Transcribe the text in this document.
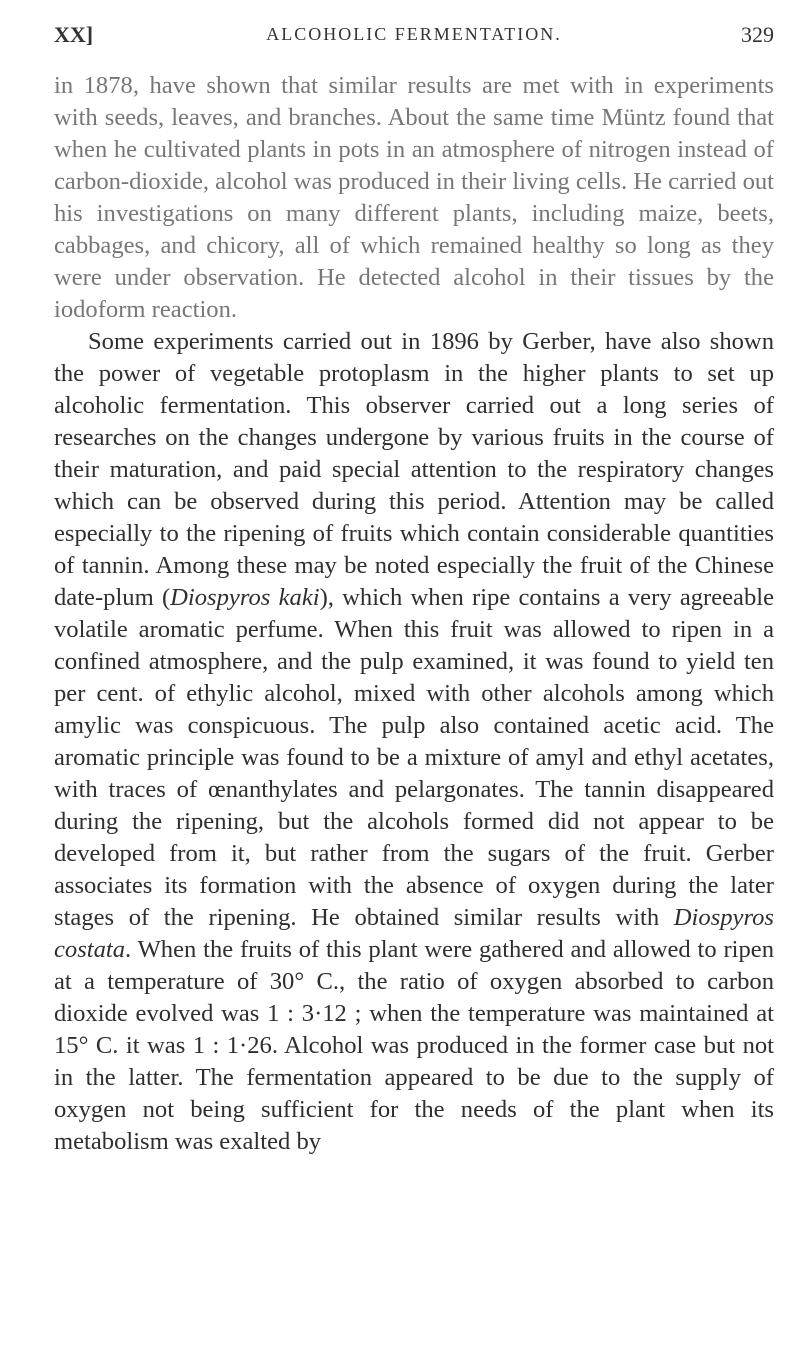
XX]	ALCOHOLIC FERMENTATION.	329

in 1878, have shown that similar results are met with in experiments with seeds, leaves, and branches. About the same time Müntz found that when he cultivated plants in pots in an atmosphere of nitrogen instead of carbon-dioxide, alcohol was produced in their living cells. He carried out his investigations on many different plants, including maize, beets, cabbages, and chicory, all of which remained healthy so long as they were under observation. He detected alcohol in their tissues by the iodoform reaction.

Some experiments carried out in 1896 by Gerber, have also shown the power of vegetable protoplasm in the higher plants to set up alcoholic fermentation. This observer carried out a long series of researches on the changes undergone by various fruits in the course of their maturation, and paid special attention to the respiratory changes which can be observed during this period. Attention may be called especially to the ripening of fruits which contain considerable quantities of tannin. Among these may be noted especially the fruit of the Chinese date-plum (Diospyros kaki), which when ripe contains a very agreeable volatile aromatic perfume. When this fruit was allowed to ripen in a confined atmosphere, and the pulp examined, it was found to yield ten per cent. of ethylic alcohol, mixed with other alcohols among which amylic was conspicuous. The pulp also contained acetic acid. The aromatic principle was found to be a mixture of amyl and ethyl acetates, with traces of œnanthylates and pelargonates. The tannin disappeared during the ripening, but the alcohols formed did not appear to be developed from it, but rather from the sugars of the fruit. Gerber associates its formation with the absence of oxygen during the later stages of the ripening. He obtained similar results with Diospyros costata. When the fruits of this plant were gathered and allowed to ripen at a temperature of 30° C., the ratio of oxygen absorbed to carbon dioxide evolved was 1 : 3·12 ; when the temperature was maintained at 15° C. it was 1 : 1·26. Alcohol was produced in the former case but not in the latter. The fermentation appeared to be due to the supply of oxygen not being sufficient for the needs of the plant when its metabolism was exalted by
